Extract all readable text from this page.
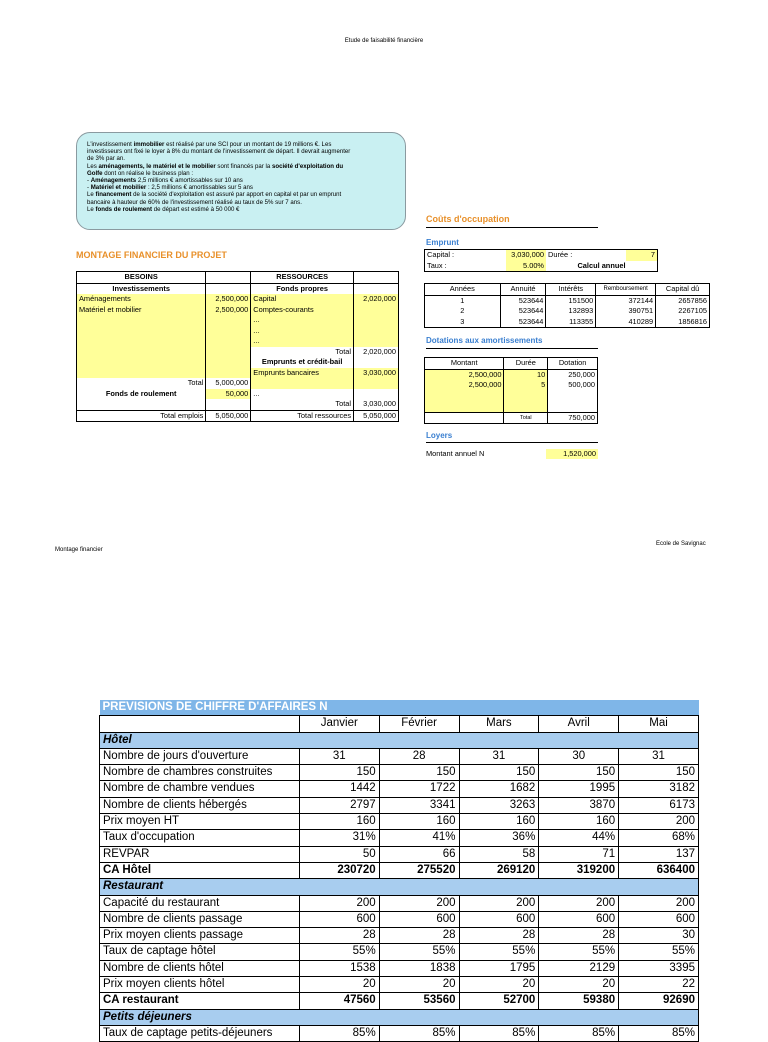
Etude de faisabilité financière
L'investissement immobilier est réalisé par une SCI pour un montant de 19 millions €. Les
investisseurs ont fixé le loyer à 8% du montant de l'investissement de départ. Il devrait augmenter
de 3% par an.
Les aménagements, le matériel et le mobilier sont financés par la société d'exploitation du
Golfe dont on réalise le business plan :
- Aménagements 2,5 millions € amortissables sur 10 ans
- Matériel et mobilier : 2,5 millions € amortissables sur 5 ans
Le financement de la société d'exploitation est assuré par apport en capital et par un emprunt
bancaire à hauteur de 60% de l'investissement réalisé au taux de 5% sur 7 ans.
Le fonds de roulement de départ est estimé à 50 000 €
MONTAGE FINANCIER DU PROJET
BESOINS		RESSOURCES	
Investissements		Fonds propres	
Aménagements	2,500,000	Capital	2,020,000
Matériel et mobilier	2,500,000	Comptes-courants	
		...	
		...	
		...	
		Total	2,020,000
		Emprunts et crédit-bail	
		Emprunts bancaires	3,030,000
Total	5,000,000		
Fonds de roulement	50,000	...	
		Total	3,030,000
Total emplois	5,050,000	Total ressources	5,050,000
Coûts d'occupation
Emprunt
Capital :	3,030,000	Durée :	7
Taux :	5.00%	Calcul annuel	
Années	Annuité	Intérêts	Remboursement	Capital dû
1	523644	151500	372144	2657856
2	523644	132893	390751	2267105
3	523644	113355	410289	1856816
Dotations aux amortissements
Montant	Durée	Dotation
2,500,000	10	250,000
2,500,000	5	500,000

	Total	750,000
Loyers
Montant annuel N	1,520,000
Montage financier
Ecole de Savignac
PREVISIONS DE CHIFFRE D'AFFAIRES N					
	Janvier	Février	Mars	Avril	Mai
Hôtel					
Nombre de jours d'ouverture	31	28	31	30	31
Nombre de chambres construites	150	150	150	150	150
Nombre de chambre vendues	1442	1722	1682	1995	3182
Nombre de clients hébergés	2797	3341	3263	3870	6173
Prix moyen HT	160	160	160	160	200
Taux d'occupation	31%	41%	36%	44%	68%
REVPAR	50	66	58	71	137
CA Hôtel	230720	275520	269120	319200	636400
Restaurant					
Capacité du restaurant	200	200	200	200	200
Nombre de clients passage	600	600	600	600	600
Prix moyen clients passage	28	28	28	28	30
Taux de captage hôtel	55%	55%	55%	55%	55%
Nombre de clients hôtel	1538	1838	1795	2129	3395
Prix moyen clients hôtel	20	20	20	20	22
CA restaurant	47560	53560	52700	59380	92690
Petits déjeuners					
Taux de captage petits-déjeuners	85%	85%	85%	85%	85%
